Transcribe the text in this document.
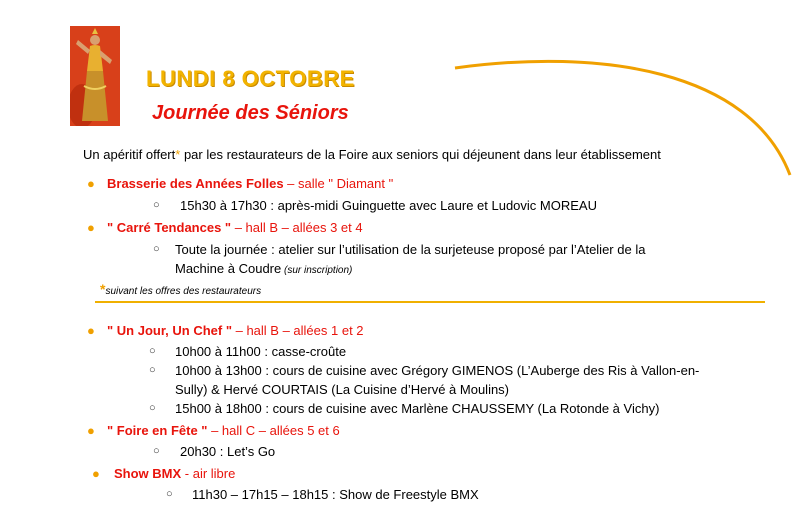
LUNDI 8 OCTOBRE
Journée des Séniors
Un apéritif offert* par les restaurateurs de la Foire aux seniors qui déjeunent dans leur établissement
● Brasserie des Années Folles – salle " Diamant "
○ 15h30 à 17h30 : après-midi Guinguette avec Laure et Ludovic MOREAU
● " Carré Tendances " – hall B – allées 3 et 4
○ Toute la journée : atelier sur l’utilisation de la surjeteuse proposé par l’Atelier de la
Machine à Coudre (sur inscription)
*suivant les offres des restaurateurs
● " Un Jour, Un Chef " – hall B – allées 1 et 2
○ 10h00 à 11h00 : casse-croûte
○ 10h00 à 13h00 : cours de cuisine avec Grégory GIMENOS (L’Auberge des Ris à Vallon-en-
Sully) & Hervé COURTAIS (La Cuisine d’Hervé à Moulins)
○ 15h00 à 18h00 : cours de cuisine avec Marlène CHAUSSEMY (La Rotonde à Vichy)
● " Foire en Fête " – hall C – allées 5 et 6
○ 20h30 : Let’s Go
● Show BMX - air libre
○ 11h30 – 17h15 – 18h15 : Show de Freestyle BMX
